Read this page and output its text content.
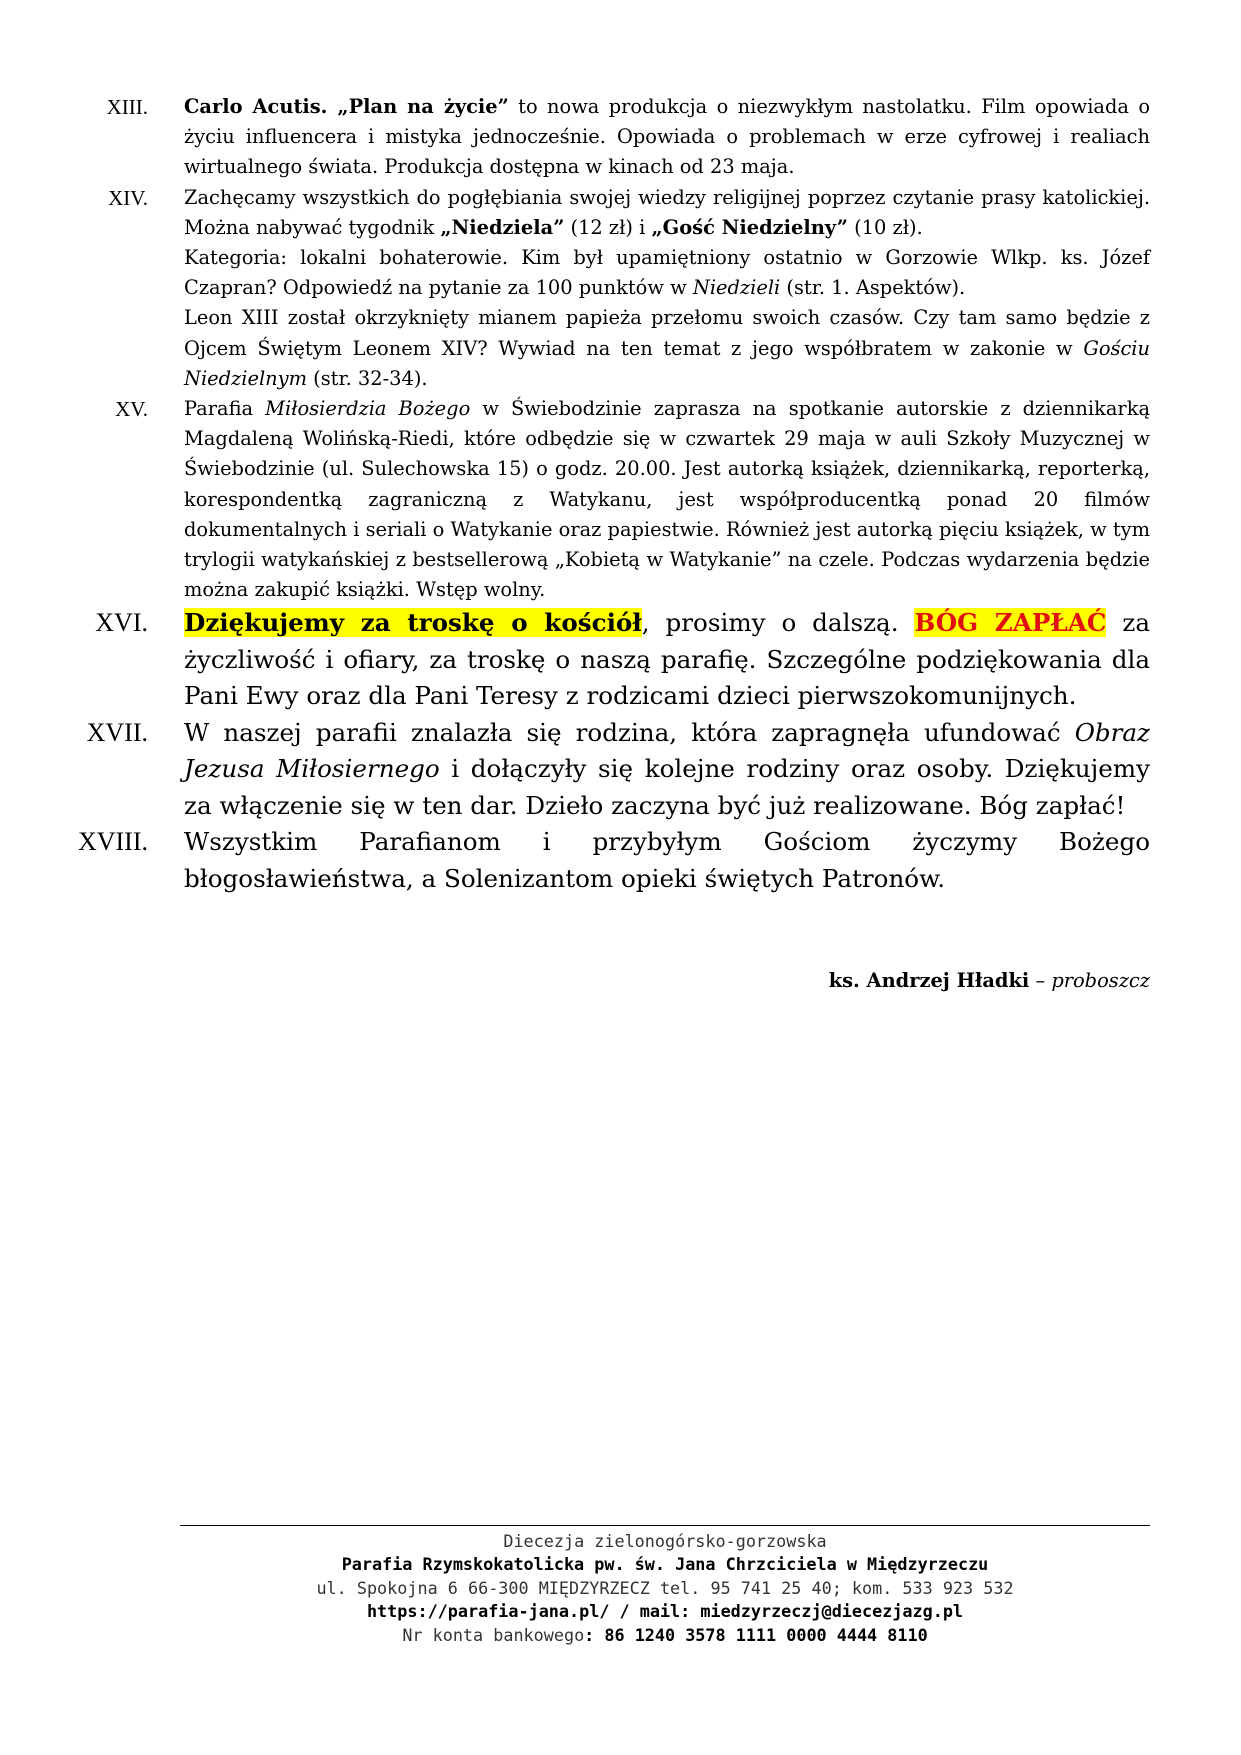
XIII.	Carlo Acutis. „Plan na życie” to nowa produkcja o niezwykłym nastolatku. Film opowiada o życiu influencera i mistyka jednocześnie. Opowiada o problemach w erze cyfrowej i realiach wirtualnego świata. Produkcja dostępna w kinach od 23 maja.

XIV.	Zachęcamy wszystkich do pogłębiania swojej wiedzy religijnej poprzez czytanie prasy katolickiej. Można nabywać tygodnik „Niedziela” (12 zł) i „Gość Niedzielny” (10 zł).

Kategoria: lokalni bohaterowie. Kim był upamiętniony ostatnio w Gorzowie Wlkp. ks. Józef Czapran? Odpowiedź na pytanie za 100 punktów w Niedzieli (str. 1. Aspektów).

Leon XIII został okrzyknięty mianem papieża przełomu swoich czasów. Czy tam samo będzie z Ojcem Świętym Leonem XIV? Wywiad na ten temat z jego współbratem w zakonie w Gościu Niedzielnym (str. 32-34).

XV.	Parafia Miłosierdzia Bożego w Świebodzinie zaprasza na spotkanie autorskie z dziennikarką Magdaleną Wolińską-Riedi, które odbędzie się w czwartek 29 maja w auli Szkoły Muzycznej w Świebodzinie (ul. Sulechowska 15) o godz. 20.00. Jest autorką książek, dziennikarką, reporterką, korespondentką zagraniczną z Watykanu, jest współproducentką ponad 20 filmów dokumentalnych i seriali o Watykanie oraz papiestwie. Również jest autorką pięciu książek, w tym trylogii watykańskiej z bestsellerową „Kobietą w Watykanie” na czele. Podczas wydarzenia będzie można zakupić książki. Wstęp wolny.

XVI.	Dziękujemy za troskę o kościół, prosimy o dalszą. BÓG ZAPŁAĆ za życzliwość i ofiary, za troskę o naszą parafię. Szczególne podziękowania dla Pani Ewy oraz dla Pani Teresy z rodzicami dzieci pierwszokomunijnych.

XVII.	W naszej parafii znalazła się rodzina, która zapragnęła ufundować Obraz Jezusa Miłosiernego i dołączyły się kolejne rodziny oraz osoby. Dziękujemy za włączenie się w ten dar. Dzieło zaczyna być już realizowane. Bóg zapłać!

XVIII.	Wszystkim Parafianom i przybyłym Gościom życzymy Bożego błogosławieństwa, a Solenizantom opieki świętych Patronów.

ks. Andrzej Hładki – proboszcz
Diecezja zielonogórsko-gorzowska
Parafia Rzymskokatolicka pw. św. Jana Chrzciciela w Międzyrzeczu
ul. Spokojna 6 66-300 MIĘDZYRZECZ tel. 95 741 25 40; kom. 533 923 532
https://parafia-jana.pl/ / mail: miedzyrzeczj@diecezjazg.pl
Nr konta bankowego: 86 1240 3578 1111 0000 4444 8110
